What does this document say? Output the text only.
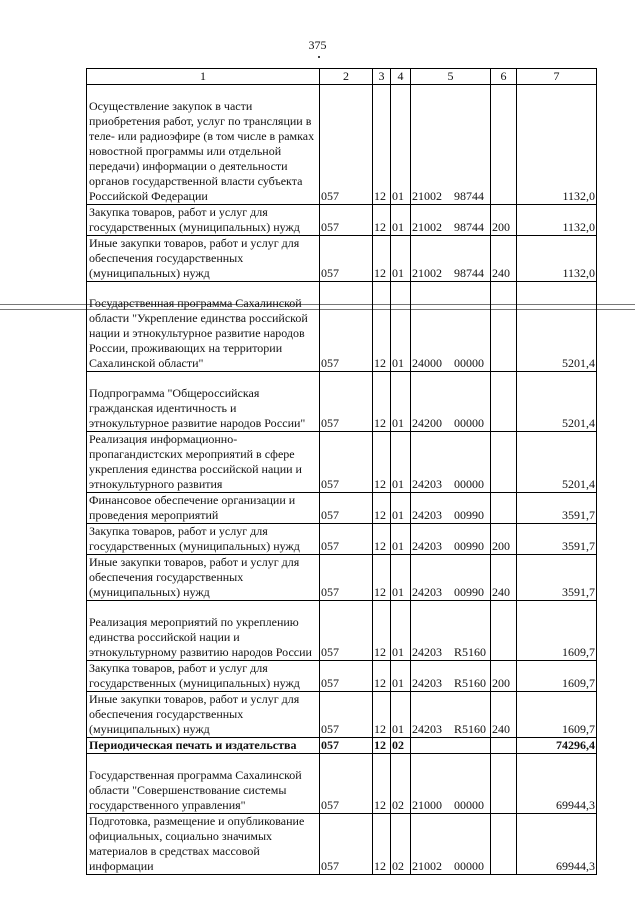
375
1	2	3	4	5	6	7
Осуществление закупок в части приобретения работ, услуг по трансляции в теле- или радиоэфире (в том числе в рамках новостной программы или отдельной передачи) информации о деятельности органов государственной власти субъекта Российской Федерации	057	12	01	21002 98744		1132,0
Закупка товаров, работ и услуг для государственных (муниципальных) нужд	057	12	01	21002 98744	200	1132,0
Иные закупки товаров, работ и услуг для обеспечения государственных (муниципальных) нужд	057	12	01	21002 98744	240	1132,0
Государственная программа Сахалинской области "Укрепление единства российской нации и этнокультурное развитие народов России, проживающих на территории Сахалинской области"	057	12	01	24000 00000		5201,4
Подпрограмма "Общероссийская гражданская идентичность и этнокультурное развитие народов России"	057	12	01	24200 00000		5201,4
Реализация информационно-пропагандистских мероприятий в сфере укрепления единства российской нации и этнокультурного развития	057	12	01	24203 00000		5201,4
Финансовое обеспечение организации и проведения мероприятий	057	12	01	24203 00990		3591,7
Закупка товаров, работ и услуг для государственных (муниципальных) нужд	057	12	01	24203 00990	200	3591,7
Иные закупки товаров, работ и услуг для обеспечения государственных (муниципальных) нужд	057	12	01	24203 00990	240	3591,7
Реализация мероприятий по укреплению единства российской нации и этнокультурному развитию народов России	057	12	01	24203 R5160		1609,7
Закупка товаров, работ и услуг для государственных (муниципальных) нужд	057	12	01	24203 R5160	200	1609,7
Иные закупки товаров, работ и услуг для обеспечения государственных (муниципальных) нужд	057	12	01	24203 R5160	240	1609,7
Периодическая печать и издательства	057	12	02			74296,4
Государственная программа Сахалинской области "Совершенствование системы государственного управления"	057	12	02	21000 00000		69944,3
Подготовка, размещение и опубликование официальных, социально значимых материалов в средствах массовой информации	057	12	02	21002 00000		69944,3
